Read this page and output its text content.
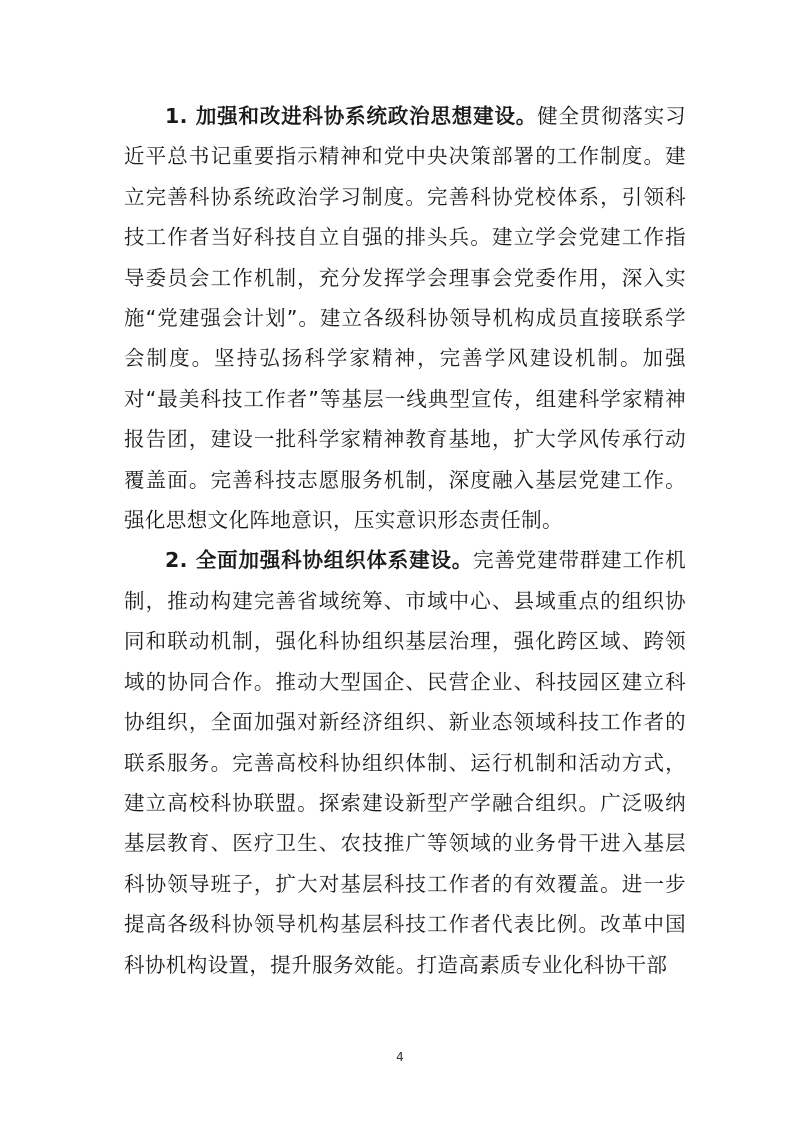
1. 加强和改进科协系统政治思想建设。健全贯彻落实习近平总书记重要指示精神和党中央决策部署的工作制度。建立完善科协系统政治学习制度。完善科协党校体系，引领科技工作者当好科技自立自强的排头兵。建立学会党建工作指导委员会工作机制，充分发挥学会理事会党委作用，深入实施“党建强会计划”。建立各级科协领导机构成员直接联系学会制度。坚持弘扬科学家精神，完善学风建设机制。加强对“最美科技工作者”等基层一线典型宣传，组建科学家精神报告团，建设一批科学家精神教育基地，扩大学风传承行动覆盖面。完善科技志愿服务机制，深度融入基层党建工作。强化思想文化阵地意识，压实意识形态责任制。

2. 全面加强科协组织体系建设。完善党建带群建工作机制，推动构建完善省域统筹、市域中心、县域重点的组织协同和联动机制，强化科协组织基层治理，强化跨区域、跨领域的协同合作。推动大型国企、民营企业、科技园区建立科协组织，全面加强对新经济组织、新业态领域科技工作者的联系服务。完善高校科协组织体制、运行机制和活动方式，建立高校科协联盟。探索建设新型产学融合组织。广泛吸纳基层教育、医疗卫生、农技推广等领域的业务骨干进入基层科协领导班子，扩大对基层科技工作者的有效覆盖。进一步提高各级科协领导机构基层科技工作者代表比例。改革中国科协机构设置，提升服务效能。打造高素质专业化科协干部

4
